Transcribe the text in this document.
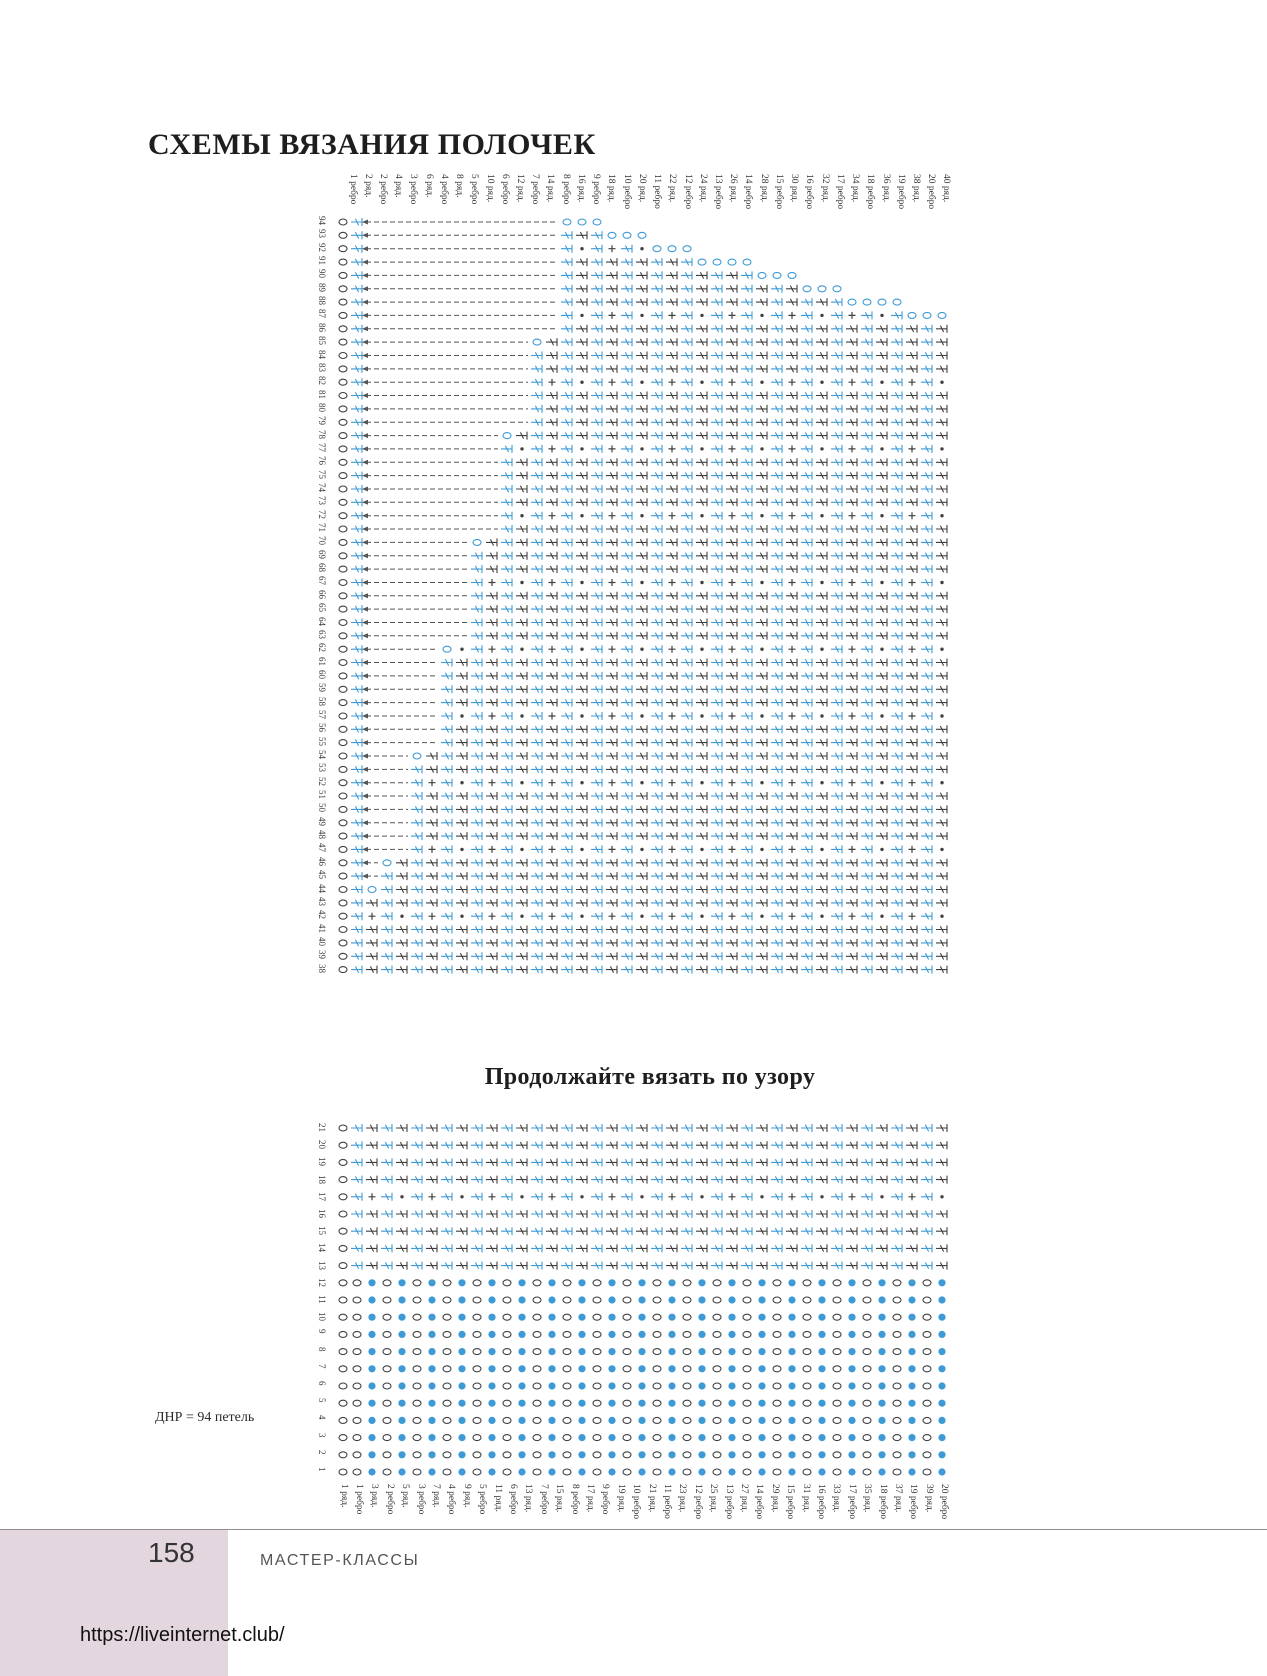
СХЕМЫ ВЯЗАНИЯ ПОЛОЧЕК
1 ребро 2 ряд. 2 ребро 4 ряд. 3 ребро 6 ряд. 4 ребро 8 ряд. 5 ребро 10 ряд. 6 ребро 12 ряд. 7 ребро 14 ряд. 8 ребро 16 ряд. 9 ребро 18 ряд. 10 ребро 20 ряд. 11 ребро 22 ряд. 12 ребро 24 ряд. 13 ребро 26 ряд. 14 ребро 28 ряд. 15 ребро 30 ряд. 16 ребро 32 ряд. 17 ребро 34 ряд. 18 ребро 36 ряд. 19 ребро 38 ряд. 20 ребро 40 ряд.
94
93
92
91
90
89
88
87
86
85
84
83
82
81
80
79
78
77
76
75
74
73
72
71
70
69
68
67
66
65
64
63
62
61
60
59
58
57
56
55
54
53
52
51
50
49
48
47
46
45
44
43
42
41
40
39
38
Продолжайте вязать по узору
1 ряд. 1 ребро 3 ряд. 2 ребро 5 ряд. 3 ребро 7 ряд. 4 ребро 9 ряд. 5 ребро 11 ряд. 6 ребро 13 ряд. 7 ребро 15 ряд. 8 ребро 17 ряд. 9 ребро 19 ряд. 10 ребро 21 ряд. 11 ребро 23 ряд. 12 ребро 25 ряд. 13 ребро 27 ряд. 14 ребро 29 ряд. 15 ребро 31 ряд. 16 ребро 33 ряд. 17 ребро 35 ряд. 18 ребро 37 ряд. 19 ребро 39 ряд. 20 ребро
21
20
19
18
17
16
15
14
13
12
11
10
9
8
7
6
5
4
3
2
1
ДНР = 94 петель
158	МАСТЕР-КЛАССЫ
https://liveinternet.club/
